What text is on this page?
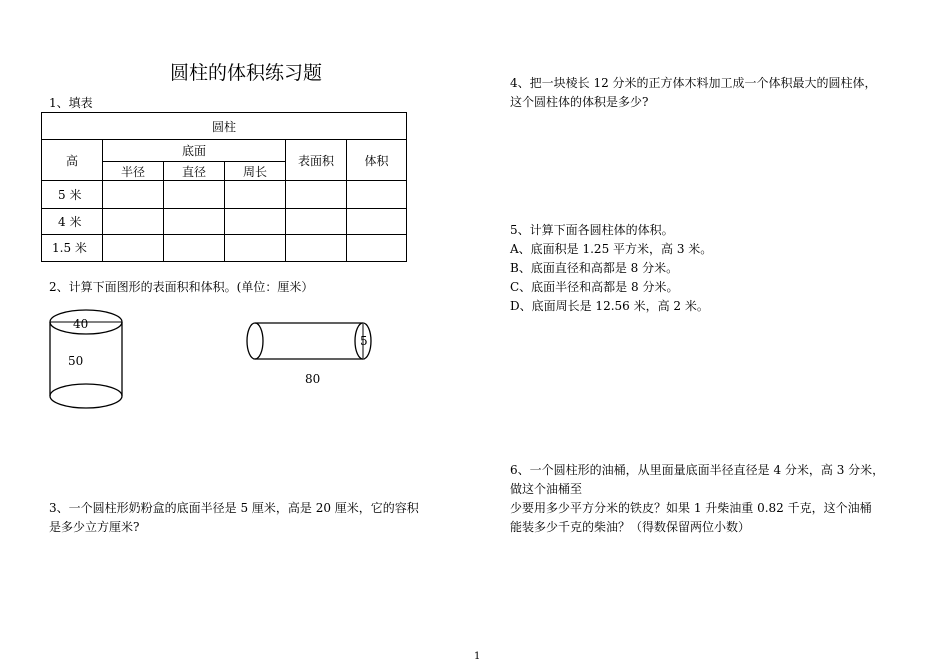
圆柱的体积练习题
1、填表
圆柱					
高	底面			表面积	体积
	半径	直径	周长		
5 米					
4 米					
1.5 米					
2、计算下面图形的表面积和体积。(单位：厘米）
40
50
5
80
3、一个圆柱形奶粉盒的底面半径是 5 厘米，高是 20 厘米，它的容积
是多少立方厘米?
4、把一块棱长 12 分米的正方体木料加工成一个体积最大的圆柱体，
这个圆柱体的体积是多少?
5、计算下面各圆柱体的体积。
A、底面积是 1.25 平方米，高 3 米。
B、底面直径和高都是 8 分米。
C、底面半径和高都是 8 分米。
D、底面周长是 12.56 米，高 2 米。
6、一个圆柱形的油桶，从里面量底面半径直径是 4 分米，高 3 分米，
做这个油桶至
少要用多少平方分米的铁皮？如果 1 升柴油重 0.82 千克，这个油桶
能装多少千克的柴油？（得数保留两位小数）
1
